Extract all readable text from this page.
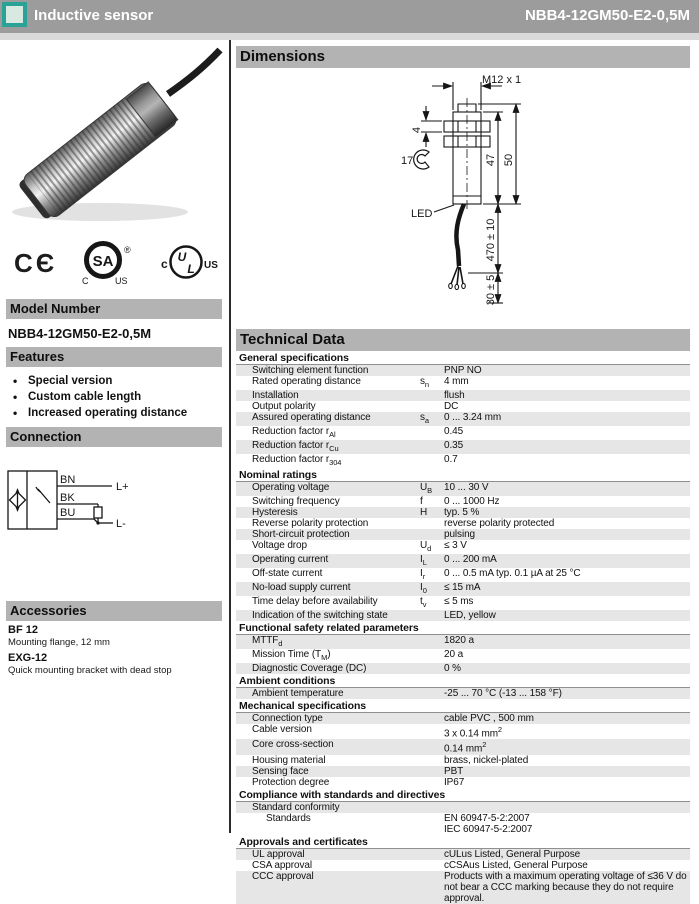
Inductive sensor	NBB4-12GM50-E2-0,5M
CЄ SA
®
C	US
U
L
c	US
Model Number
NBB4-12GM50-E2-0,5M
Features
• Special version
• Custom cable length
• Increased operating distance
Connection
BN
BK
BU
L+
L-
Accessories
BF 12
Mounting flange, 12 mm
EXG-12
Quick mounting bracket with dead stop
Dimensions
M12 x 1
4
17	47 50
470 ± 10
30 ± 5
LED
Technical Data
General specifications
Switching element function	PNP NO
Rated operating distance	$s_n$	4 mm
Installation	flush
Output polarity	DC
Assured operating distance	$s_a$	0 ... 3.24 mm
Reduction factor $r_{Al}$	0.45
Reduction factor $r_{Cu}$	0.35
Reduction factor $r_{304}$	0.7
Nominal ratings
Operating voltage	$U_B$	10 ... 30 V
Switching frequency	f	0 ... 1000 Hz
Hysteresis	H	typ. 5 %
Reverse polarity protection	reverse polarity protected
Short-circuit protection	pulsing
Voltage drop	$U_d$	≤ 3 V
Operating current	$I_L$	0 ... 200 mA
Off-state current	$I_r$	0 ... 0.5 mA typ. 0.1 µA at 25 °C
No-load supply current	$I_0$	≤ 15 mA
Time delay before availability	$t_v$	≤ 5 ms
Indication of the switching state	LED, yellow
Functional safety related parameters
$MTTF_d$	1820 a
Mission Time $(T_M)$	20 a
Diagnostic Coverage (DC)	0 %
Ambient conditions
Ambient temperature	-25 ... 70 °C (-13 ... 158 °F)
Mechanical specifications
Connection type	cable PVC , 500 mm
Cable version	3 x 0.14 $mm^2$
Core cross-section	0.14 $mm^2$
Housing material	brass, nickel-plated
Sensing face	PBT
Protection degree	IP67
Compliance with standards and directives
Standard conformity
Standards	EN 60947-5-2:2007
IEC 60947-5-2:2007
Approvals and certificates
UL approval	cULus Listed, General Purpose
CSA approval	cCSAus Listed, General Purpose
CCC approval	Products with a maximum operating voltage of ≤36 V do not bear a CCC marking because they do not require approval.
